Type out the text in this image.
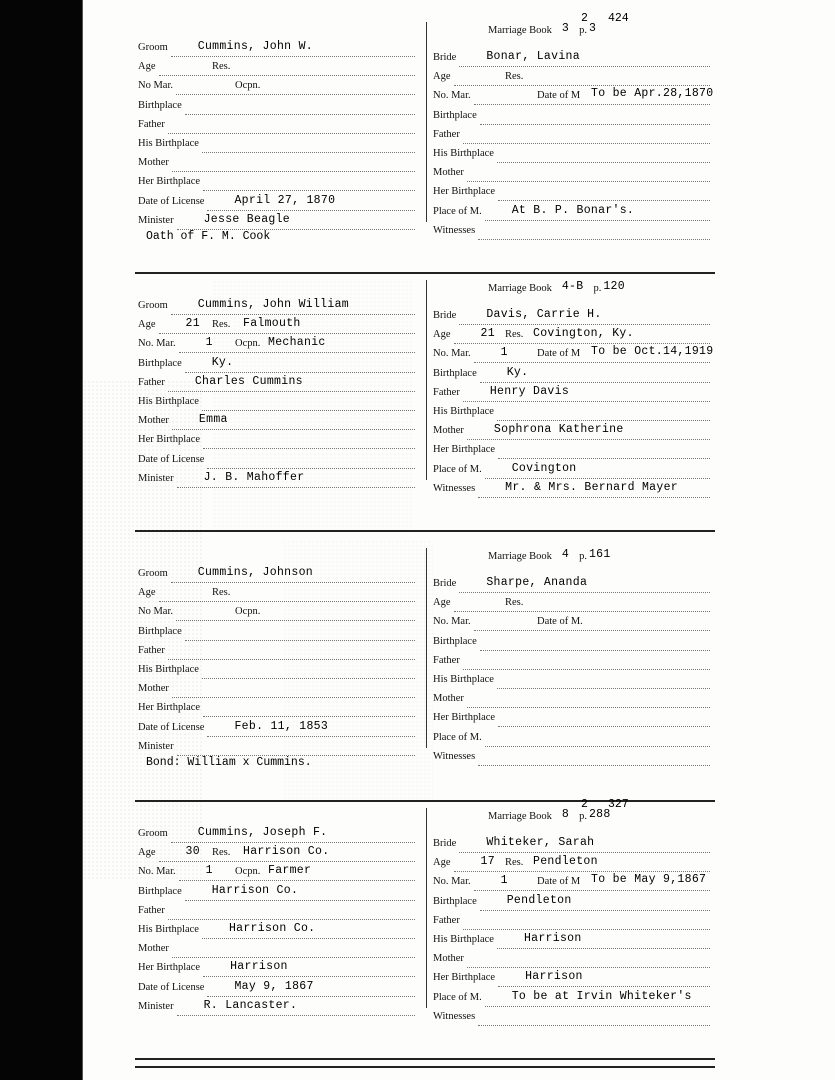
Groom	Cummins, John W.
Age	Res.
No Mar.	Ocpn.
Birthplace
Father
His Birthplace
Mother
Her Birthplace
Date of License	April 27, 1870
Minister	Jesse Beagle
Bride	Bonar, Lavina
Age	Res.
No. Mar.	Date of M To be Apr.28,1870
Birthplace
Father
His Birthplace
Mother
Her Birthplace
Place of M.	At B. P. Bonar's.
Witnesses
Marriage Book 3 p. 3
2 424
Oath of F. M. Cook
Groom	Cummins, John William
Age	21 Res. Falmouth
No. Mar.	1 Ocpn. Mechanic
Birthplace	Ky.
Father	Charles Cummins
His Birthplace
Mother	Emma
Her Birthplace
Date of License
Minister	J. B. Mahoffer
Bride	Davis, Carrie H.
Age	21 Res. Covington, Ky.
No. Mar.	1	Date of M To be Oct.14,1919
Birthplace	Ky.
Father	Henry Davis
His Birthplace
Mother	Sophrona Katherine
Her Birthplace
Place of M.	Covington
Witnesses	Mr. & Mrs. Bernard Mayer
Marriage Book 4-B p. 120
Groom	Cummins, Johnson
Age	Res.
No Mar.	Ocpn.
Birthplace
Father
His Birthplace
Mother
Her Birthplace
Date of License	Feb. 11, 1853
Minister
Bride	Sharpe, Ananda
Age	Res.
No. Mar.	Date of M.
Birthplace
Father
His Birthplace
Mother
Her Birthplace
Place of M.
Witnesses
Marriage Book 4 p. 161
Bond: William x Cummins.
Groom	Cummins, Joseph F.
Age	30 Res. Harrison Co.
No. Mar.	1 Ocpn. Farmer
Birthplace	Harrison Co.
Father
His Birthplace	Harrison Co.
Mother
Her Birthplace	Harrison
Date of License	May 9, 1867
Minister	R. Lancaster.
Bride	Whiteker, Sarah
Age	17 Res. Pendleton
No. Mar.	1	Date of M To be May 9,1867
Birthplace	Pendleton
Father
His Birthplace	Harrison
Mother
Her Birthplace	Harrison
Place of M.	To be at Irvin Whiteker's
Witnesses
Marriage Book 8 p. 288
2 327
